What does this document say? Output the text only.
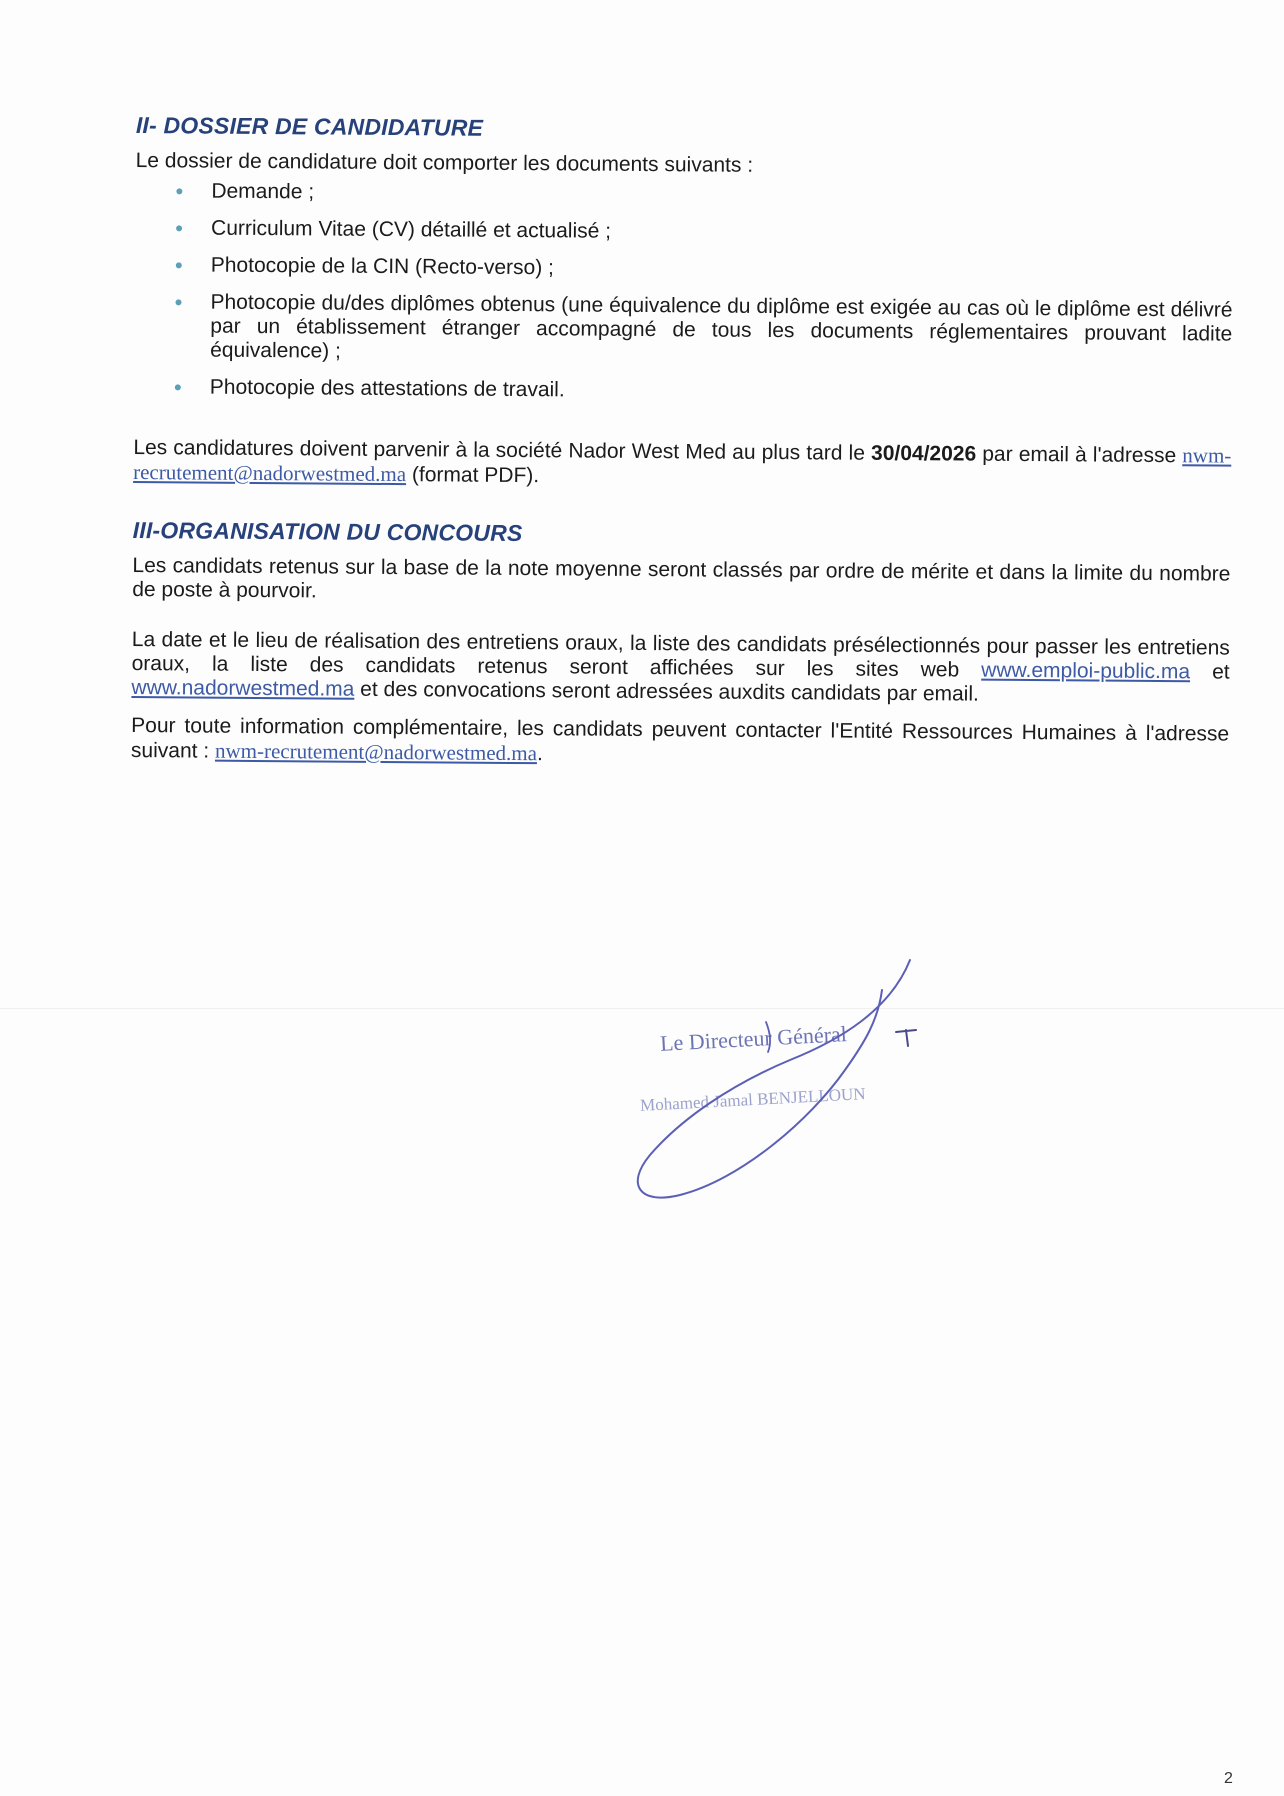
II- DOSSIER DE CANDIDATURE

Le dossier de candidature doit comporter les documents suivants :

Demande ;
Curriculum Vitae (CV) détaillé et actualisé ;
Photocopie de la CIN (Recto-verso) ;
Photocopie du/des diplômes obtenus (une équivalence du diplôme est exigée au cas où le diplôme est délivré par un établissement étranger accompagné de tous les documents réglementaires prouvant ladite équivalence) ;
Photocopie des attestations de travail.

Les candidatures doivent parvenir à la société Nador West Med au plus tard le 30/04/2026 par email à l'adresse nwm-recrutement@nadorwestmed.ma (format PDF).

III-ORGANISATION DU CONCOURS

Les candidats retenus sur la base de la note moyenne seront classés par ordre de mérite et dans la limite du nombre de poste à pourvoir.

La date et le lieu de réalisation des entretiens oraux, la liste des candidats présélectionnés pour passer les entretiens oraux, la liste des candidats retenus seront affichées sur les sites web www.emploi-public.ma et www.nadorwestmed.ma et des convocations seront adressées auxdits candidats par email.

Pour toute information complémentaire, les candidats peuvent contacter l'Entité Ressources Humaines à l'adresse suivant : nwm-recrutement@nadorwestmed.ma.

Le Directeur Général
Mohamed Jamal BENJELLOUN
2
